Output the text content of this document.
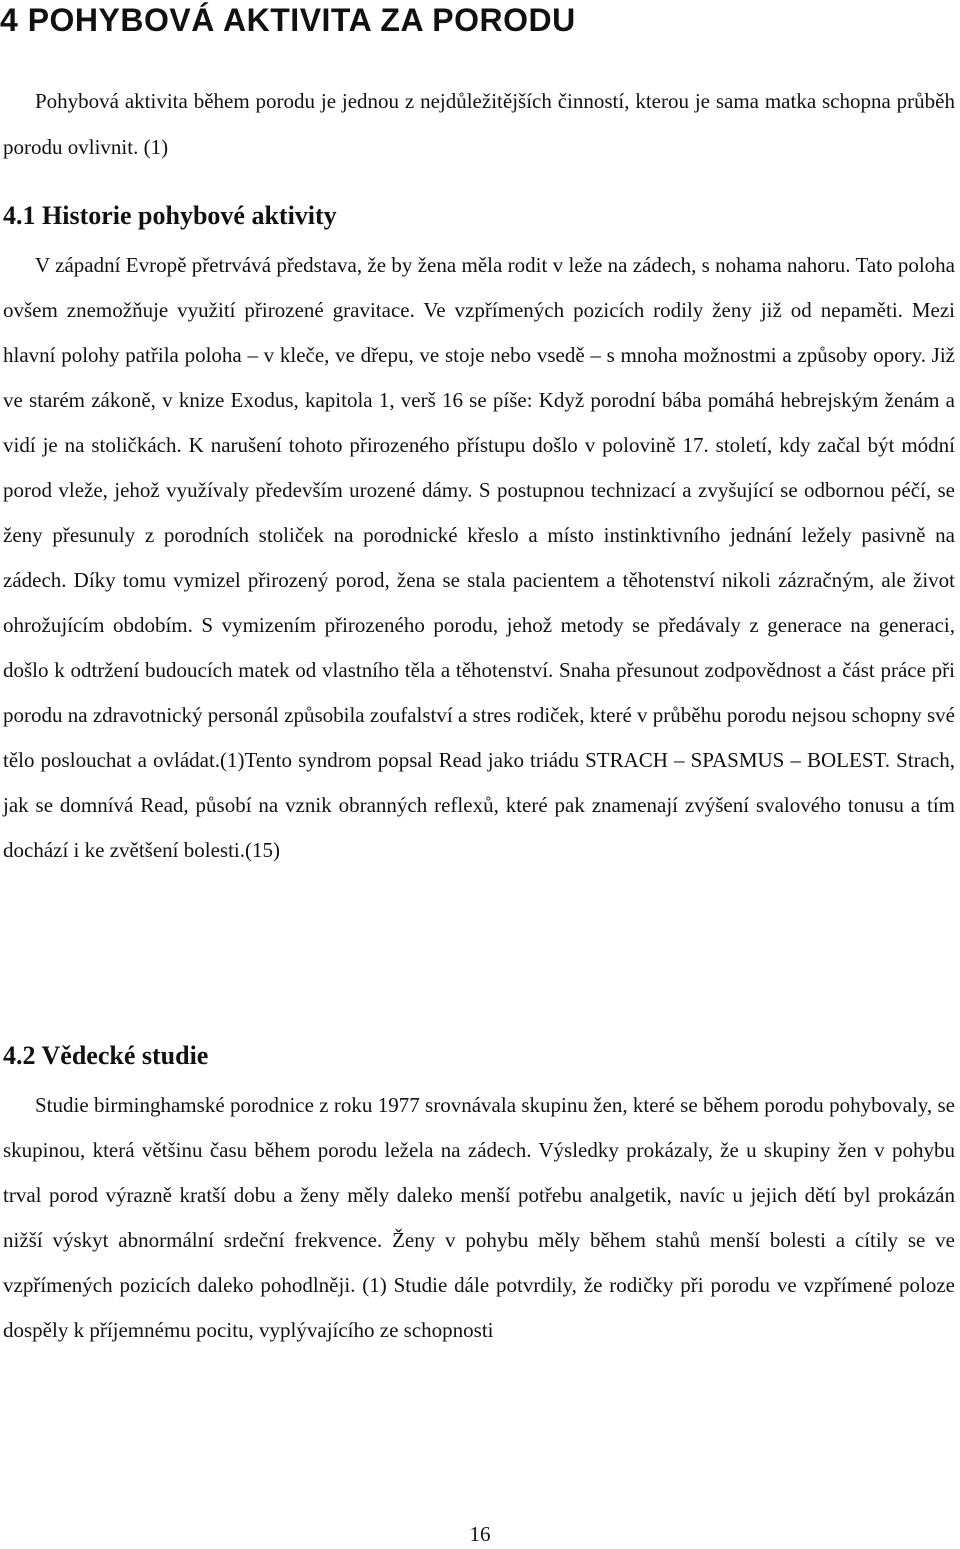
4 POHYBOVÁ AKTIVITA ZA PORODU

Pohybová aktivita během porodu je jednou z nejdůležitějších činností, kterou je sama matka schopna průběh porodu ovlivnit. (1)

4.1 Historie pohybové aktivity

V západní Evropě přetrvává představa, že by žena měla rodit v leže na zádech, s nohama nahoru. Tato poloha ovšem znemožňuje využití přirozené gravitace. Ve vzpřímených pozicích rodily ženy již od nepaměti. Mezi hlavní polohy patřila poloha – v kleče, ve dřepu, ve stoje nebo vsedě – s mnoha možnostmi a způsoby opory. Již ve starém zákoně, v knize Exodus, kapitola 1, verš 16 se píše: Když porodní bába pomáhá hebrejským ženám a vidí je na stoličkách. K narušení tohoto přirozeného přístupu došlo v polovině 17. století, kdy začal být módní porod vleže, jehož využívaly především urozené dámy. S postupnou technizací a zvyšující se odbornou péčí, se ženy přesunuly z porodních stoliček na porodnické křeslo a místo instinktivního jednání ležely pasivně na zádech. Díky tomu vymizel přirozený porod, žena se stala pacientem a těhotenství nikoli zázračným, ale život ohrožujícím obdobím. S vymizením přirozeného porodu, jehož metody se předávaly z generace na generaci, došlo k odtržení budoucích matek od vlastního těla a těhotenství. Snaha přesunout zodpovědnost a část práce při porodu na zdravotnický personál způsobila zoufalství a stres rodiček, které v průběhu porodu nejsou schopny své tělo poslouchat a ovládat.(1)Tento syndrom popsal Read jako triádu STRACH – SPASMUS – BOLEST. Strach, jak se domnívá Read, působí na vznik obranných reflexů, které pak znamenají zvýšení svalového tonusu a tím dochází i ke zvětšení bolesti.(15)

4.2 Vědecké studie

Studie birminghamské porodnice z roku 1977 srovnávala skupinu žen, které se během porodu pohybovaly, se skupinou, která většinu času během porodu ležela na zádech. Výsledky prokázaly, že u skupiny žen v pohybu trval porod výrazně kratší dobu a ženy měly daleko menší potřebu analgetik, navíc u jejich dětí byl prokázán nižší výskyt abnormální srdeční frekvence. Ženy v pohybu měly během stahů menší bolesti a cítily se ve vzpřímených pozicích daleko pohodlněji. (1) Studie dále potvrdily, že rodičky při porodu ve vzpřímené poloze dospěly k příjemnému pocitu, vyplývajícího ze schopnosti

16
